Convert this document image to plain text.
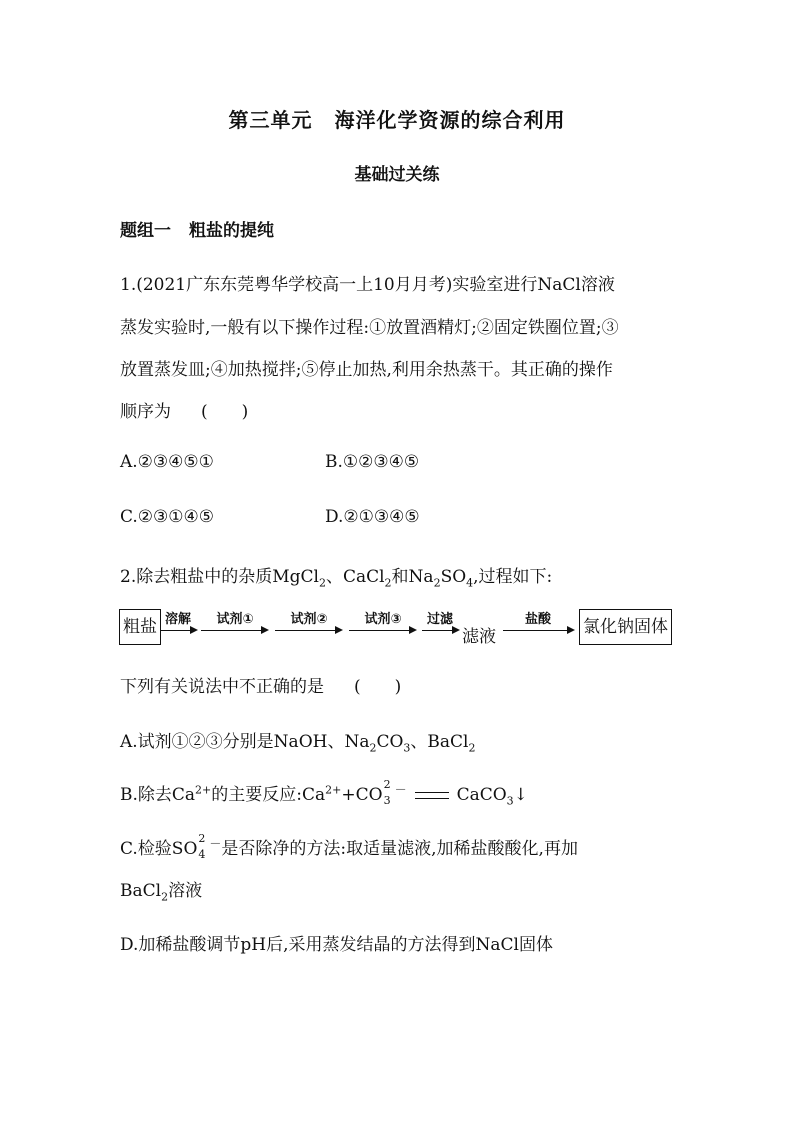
第三单元 海洋化学资源的综合利用
基础过关练
题组一 粗盐的提纯
1.(2021广东东莞粤华学校高一上10月月考)实验室进行NaCl溶液
蒸发实验时,一般有以下操作过程:①放置酒精灯;②固定铁圈位置;③
放置蒸发皿;④加热搅拌;⑤停止加热,利用余热蒸干。其正确的操作
顺序为 (　　)
A.②③④⑤①	B.①②③④⑤
C.②③①④⑤	D.②①③④⑤
2.除去粗盐中的杂质MgCl$_2$、CaCl$_2$和$Na_2SO_4$,过程如下:
粗盐 溶解	试剂①	试剂②	试剂③	过滤
滤液
盐酸	氯化钠固体
下列有关说法中不正确的是 (　　)
A.试剂①②③分别是NaOH、$Na_2CO_3$、BaCl$_2$
B.除去$Ca^{2+}$的主要反应$:Ca^{2+}+CO$
2
3
－	CaCO$_3$↓
C.检验SO
2
4
－是否除净的方法:取适量滤液,加稀盐酸酸化,再加
BaCl$_2$溶液
D.加稀盐酸调节pH后,采用蒸发结晶的方法得到NaCl固体
